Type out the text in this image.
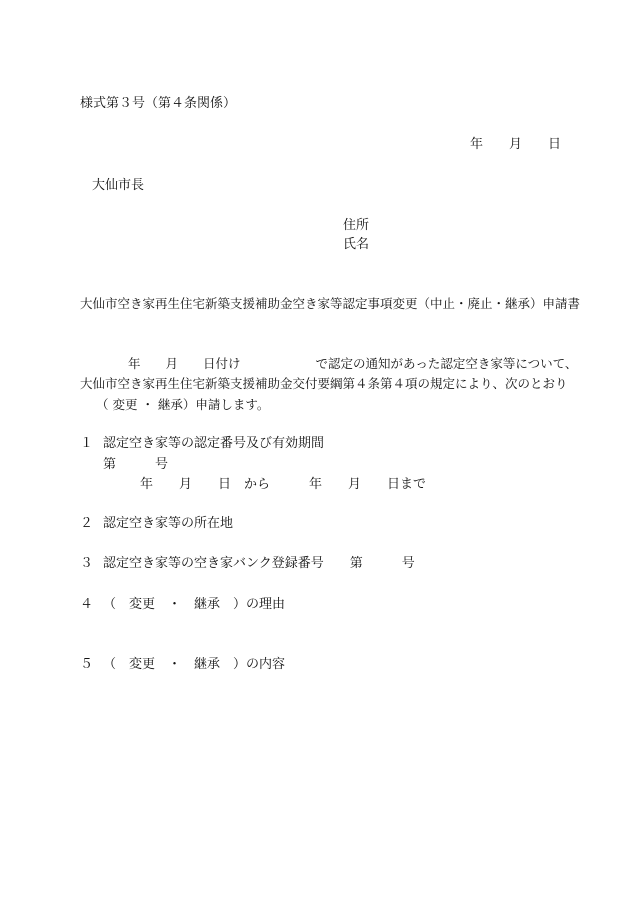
様式第３号（第４条関係）
年　　月　　日
大仙市長
住所
氏名
大仙市空き家再生住宅新築支援補助金空き家等認定事項変更（中止・廃止・継承）申請書
年　　月　　日付け　　　　　　で認定の通知があった認定空き家等について、
大仙市空き家再生住宅新築支援補助金交付要綱第４条第４項の規定により、次のとおり
（ 変更 ・ 継承）申請します。
１ 認定空き家等の認定番号及び有効期間
第　　　号
年　　月　　日　から　　　年　　月　　日まで
２ 認定空き家等の所在地
３ 認定空き家等の空き家バンク登録番号　　第　　　号
４ （　変更　・　継承　）の理由
５ （　変更　・　継承　）の内容
